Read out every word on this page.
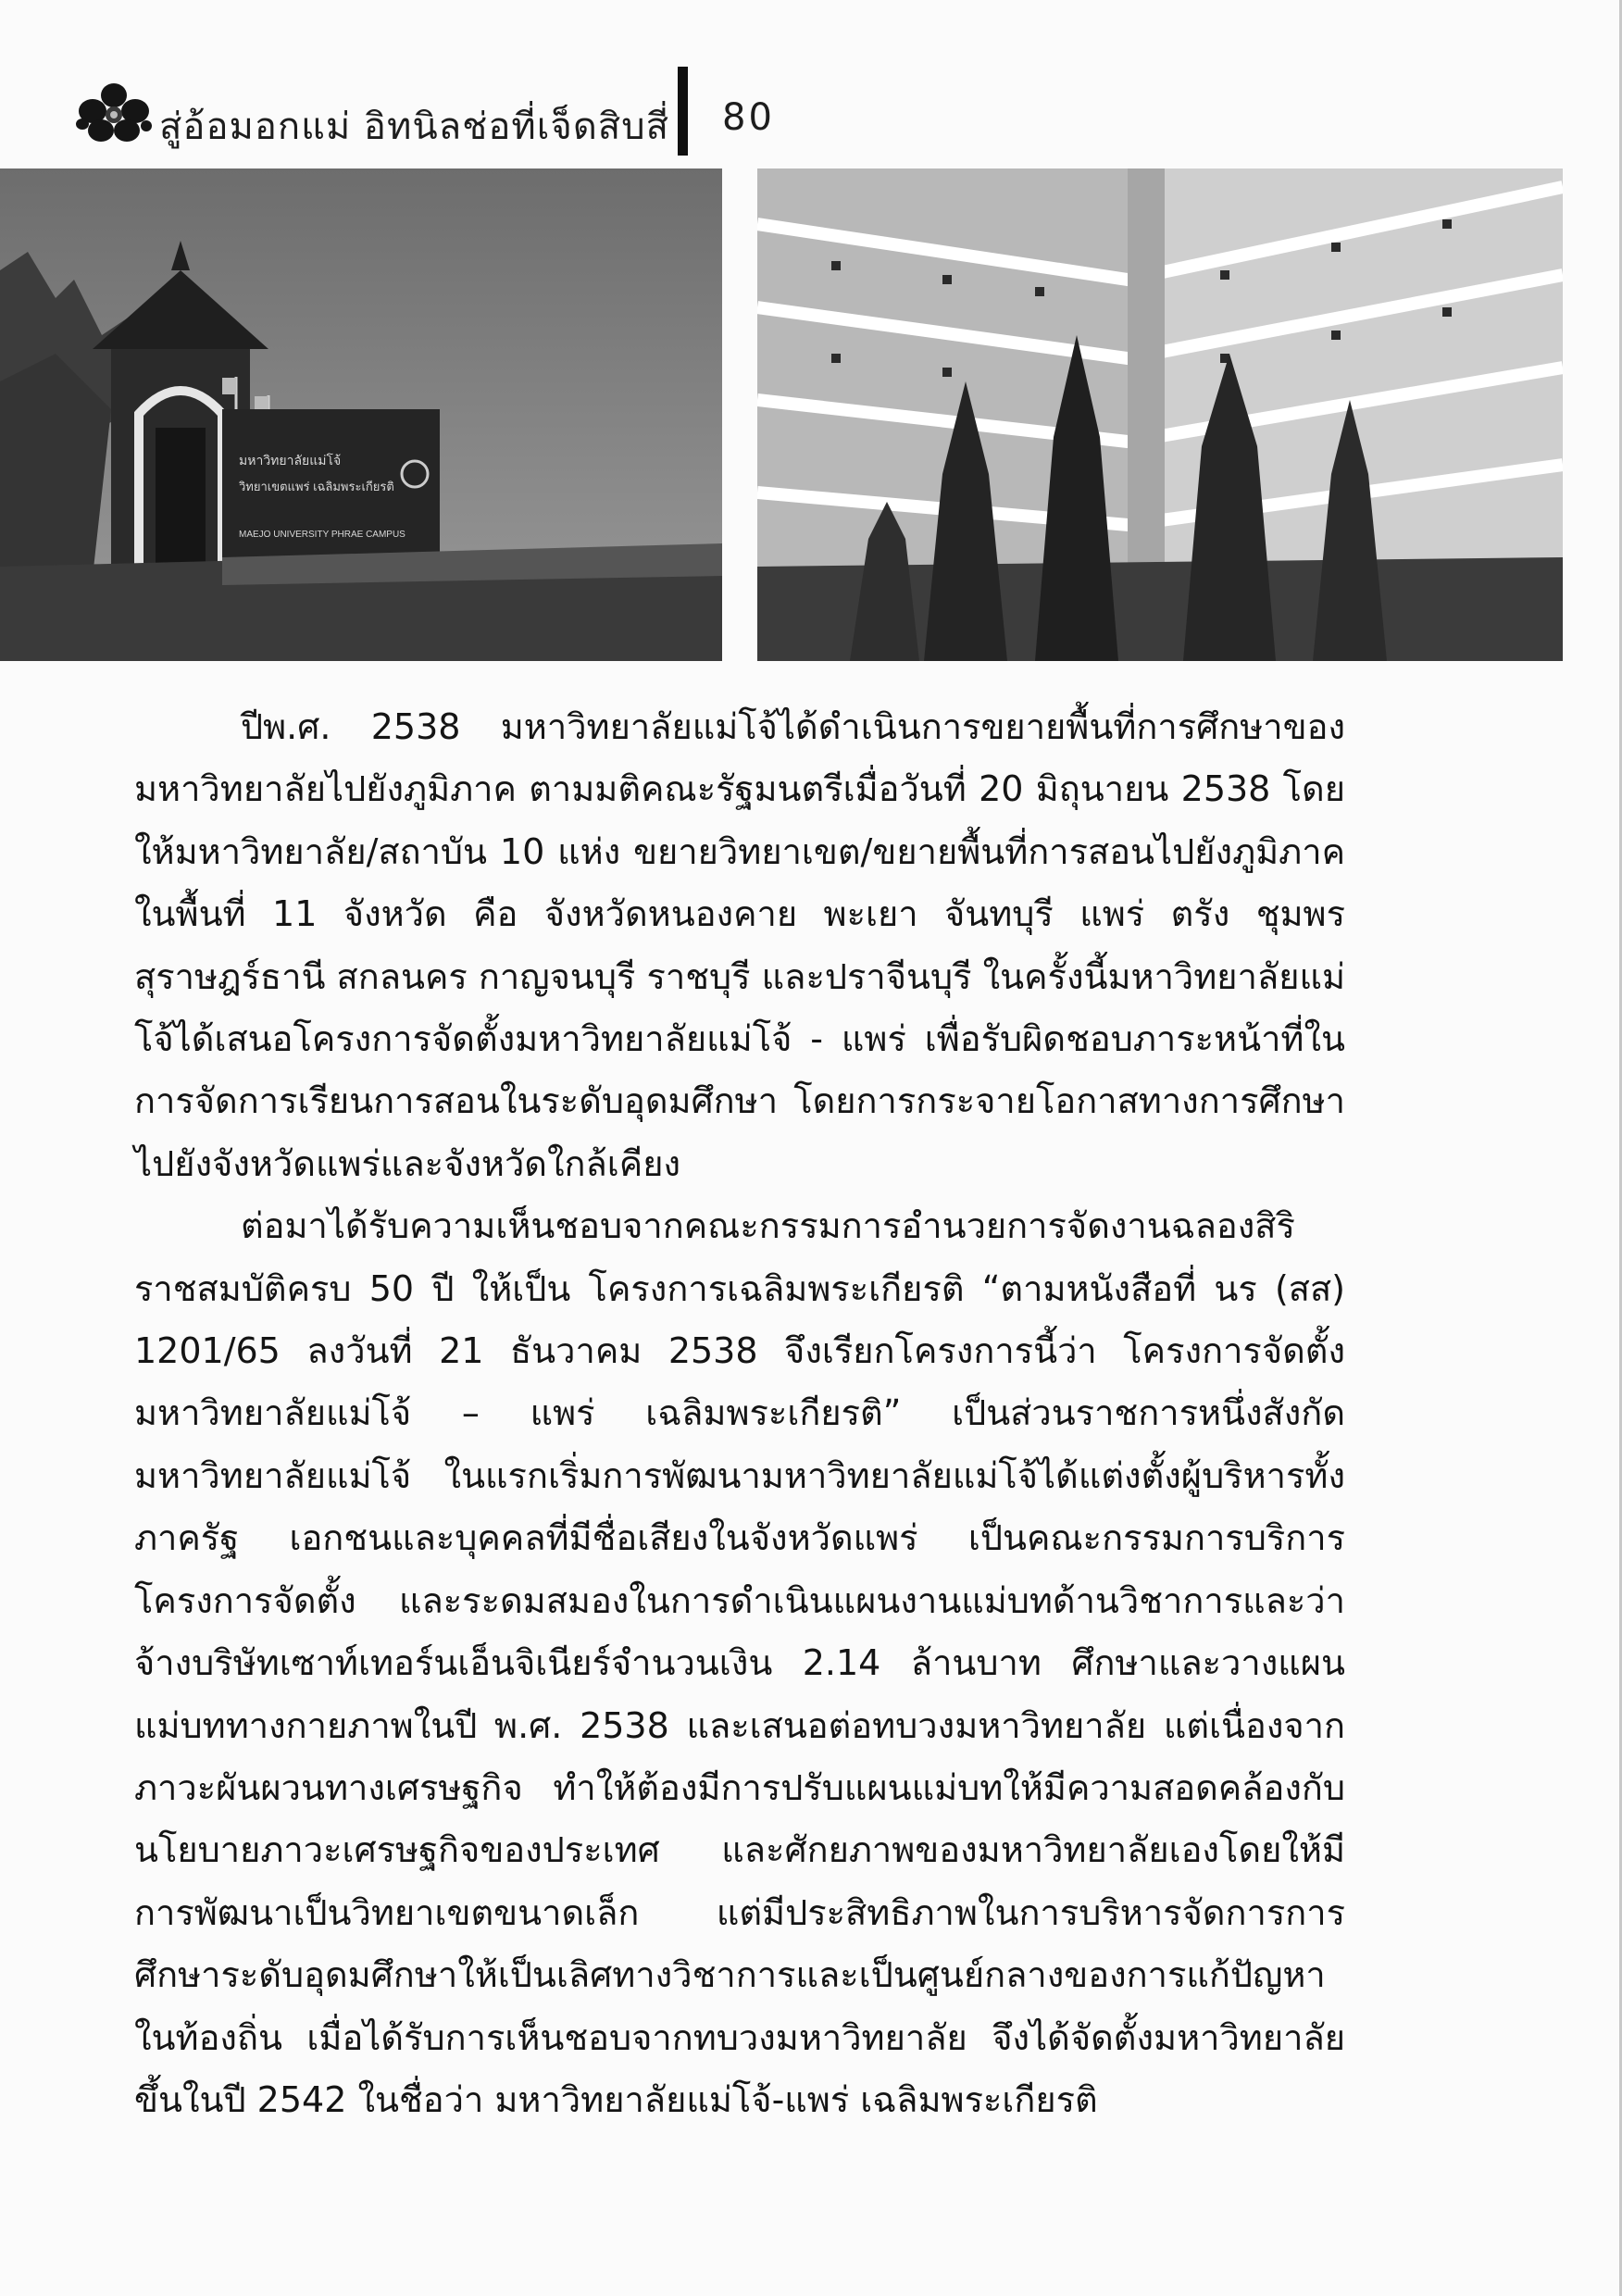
สู่อ้อมอกแม่ อิทนิลช่อที่เจ็ดสิบสี่ 80
มหาวิทยาลัยแม่โจ้
วิทยาเขตแพร่ เฉลิมพระเกียรติ
MAEJO UNIVERSITY PHRAE CAMPUS

ปีพ.ศ. 2538 มหาวิทยาลัยแม่โจ้ได้ดำเนินการขยายพื้นที่การศึกษาของมหาวิทยาลัยไปยังภูมิภาค ตามมติคณะรัฐมนตรีเมื่อวันที่ 20 มิถุนายน 2538 โดยให้มหาวิทยาลัย/สถาบัน 10 แห่ง ขยายวิทยาเขต/ขยายพื้นที่การสอนไปยังภูมิภาคในพื้นที่ 11 จังหวัด คือ จังหวัดหนองคาย พะเยา จันทบุรี แพร่ ตรัง ชุมพร สุราษฎร์ธานี สกลนคร กาญจนบุรี ราชบุรี และปราจีนบุรี ในครั้งนี้มหาวิทยาลัยแม่โจ้ได้เสนอโครงการจัดตั้งมหาวิทยาลัยแม่โจ้ - แพร่ เพื่อรับผิดชอบภาระหน้าที่ในการจัดการเรียนการสอนในระดับอุดมศึกษา โดยการกระจายโอกาสทางการศึกษาไปยังจังหวัดแพร่และจังหวัดใกล้เคียง

ต่อมาได้รับความเห็นชอบจากคณะกรรมการอำนวยการจัดงานฉลองสิริราชสมบัติครบ 50 ปี ให้เป็น โครงการเฉลิมพระเกียรติ “ตามหนังสือที่ นร (สส) 1201/65 ลงวันที่ 21 ธันวาคม 2538 จึงเรียกโครงการนี้ว่า โครงการจัดตั้งมหาวิทยาลัยแม่โจ้ – แพร่ เฉลิมพระเกียรติ” เป็นส่วนราชการหนึ่งสังกัดมหาวิทยาลัยแม่โจ้ ในแรกเริ่มการพัฒนามหาวิทยาลัยแม่โจ้ได้แต่งตั้งผู้บริหารทั้งภาครัฐ เอกชนและบุคคลที่มีชื่อเสียงในจังหวัดแพร่ เป็นคณะกรรมการบริการโครงการจัดตั้ง และระดมสมองในการดำเนินแผนงานแม่บทด้านวิชาการและว่าจ้างบริษัทเซาท์เทอร์นเอ็นจิเนียร์จำนวนเงิน 2.14 ล้านบาท ศึกษาและวางแผนแม่บททางกายภาพในปี พ.ศ. 2538 และเสนอต่อทบวงมหาวิทยาลัย แต่เนื่องจากภาวะผันผวนทางเศรษฐกิจ ทำให้ต้องมีการปรับแผนแม่บทให้มีความสอดคล้องกับนโยบายภาวะเศรษฐกิจของประเทศ และศักยภาพของมหาวิทยาลัยเองโดยให้มีการพัฒนาเป็นวิทยาเขตขนาดเล็ก แต่มีประสิทธิภาพในการบริหารจัดการการศึกษาระดับอุดมศึกษาให้เป็นเลิศทางวิชาการและเป็นศูนย์กลางของการแก้ปัญหาในท้องถิ่น เมื่อได้รับการเห็นชอบจากทบวงมหาวิทยาลัย จึงได้จัดตั้งมหาวิทยาลัยขึ้นในปี 2542 ในชื่อว่า มหาวิทยาลัยแม่โจ้-แพร่ เฉลิมพระเกียรติ
